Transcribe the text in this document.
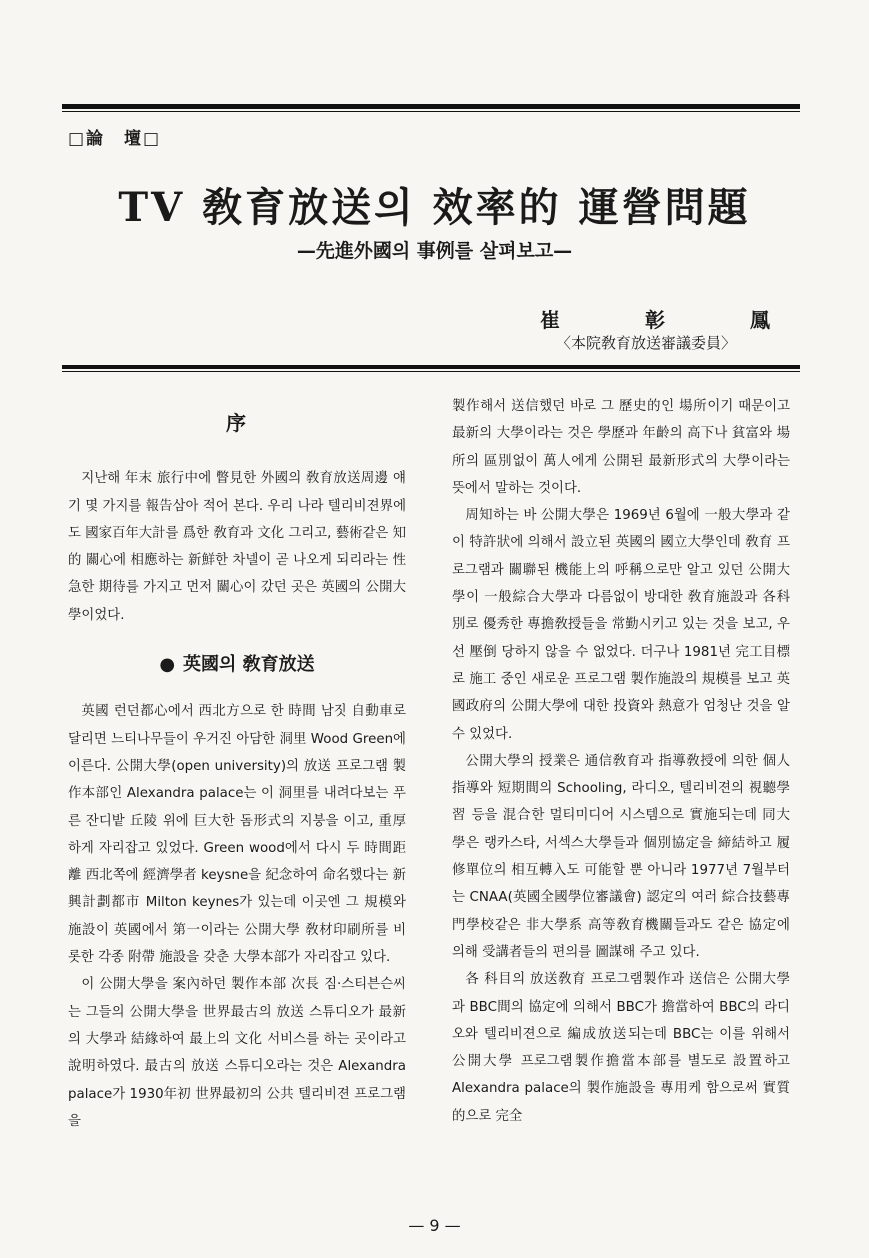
□論　壇□
TV 敎育放送의 效率的 運營問題
—先進外國의 事例를 살펴보고—
崔	彰	鳳
〈本院敎育放送審議委員〉
序

지난해 年末 旅行中에 瞥見한 外國의 敎育放送周邊 얘기 몇 가지를 報告삼아 적어 본다. 우리 나라 텔리비젼界에도 國家百年大計를 爲한 敎育과 文化 그리고, 藝術같은 知的 關心에 相應하는 新鮮한 차넬이 곧 나오게 되리라는 性急한 期待를 가지고 먼저 關心이 갔던 곳은 英國의 公開大學이었다.

● 英國의 敎育放送

英國 런던都心에서 西北方으로 한 時間 남짓 自動車로 달리면 느티나무들이 우거진 아담한 洞里 Wood Green에 이른다. 公開大學(open university)의 放送 프로그램 製作本部인 Alexandra palace는 이 洞里를 내려다보는 푸른 잔디밭 丘陵 위에 巨大한 돔形式의 지붕을 이고, 重厚하게 자리잡고 있었다. Green wood에서 다시 두 時間距離 西北쪽에 經濟學者 keysne을 紀念하여 命名했다는 新興計劃都市 Milton keynes가 있는데 이곳엔 그 規模와 施設이 英國에서 第一이라는 公開大學 敎材印刷所를 비롯한 각종 附帶 施設을 갖춘 大學本部가 자리잡고 있다.

이 公開大學을 案內하던 製作本部 次長 짐·스티븐슨씨는 그들의 公開大學을 世界最古의 放送 스튜디오가 最新의 大學과 結緣하여 最上의 文化 서비스를 하는 곳이라고 說明하였다. 最古의 放送 스튜디오라는 것은 Alexandra palace가 1930年初 世界最初의 公共 텔리비젼 프로그램을

製作해서 送信했던 바로 그 歷史的인 場所이기 때문이고 最新의 大學이라는 것은 學歷과 年齡의 高下나 貧富와 場所의 區別없이 萬人에게 公開된 最新形式의 大學이라는 뜻에서 말하는 것이다.

周知하는 바 公開大學은 1969년 6월에 一般大學과 같이 特許狀에 의해서 設立된 英國의 國立大學인데 敎育 프로그램과 關聯된 機能上의 呼稱으로만 알고 있던 公開大學이 一般綜合大學과 다름없이 방대한 敎育施設과 各科別로 優秀한 專擔敎授들을 常勤시키고 있는 것을 보고, 우선 壓倒 당하지 않을 수 없었다. 더구나 1981년 完工目標로 施工 중인 새로운 프로그램 製作施設의 規模를 보고 英國政府의 公開大學에 대한 投資와 熱意가 엄청난 것을 알 수 있었다.

公開大學의 授業은 通信敎育과 指導敎授에 의한 個人指導와 短期間의 Schooling, 라디오, 텔리비젼의 視聽學習 등을 混合한 멀티미디어 시스템으로 實施되는데 同大學은 랭카스타, 서섹스大學들과 個別協定을 締結하고 履修單位의 相互轉入도 可能할 뿐 아니라 1977년 7월부터는 CNAA(英國全國學位審議會) 認定의 여러 綜合技藝專門學校같은 非大學系 高等敎育機關들과도 같은 協定에 의해 受講者들의 편의를 圖謀해 주고 있다.

各 科目의 放送敎育 프로그램製作과 送信은 公開大學과 BBC間의 協定에 의해서 BBC가 擔當하여 BBC의 라디오와 텔리비젼으로 編成放送되는데 BBC는 이를 위해서 公開大學 프로그램製作擔當本部를 별도로 設置하고 Alexandra palace의 製作施設을 專用케 함으로써 實質的으로 完全

— 9 —
